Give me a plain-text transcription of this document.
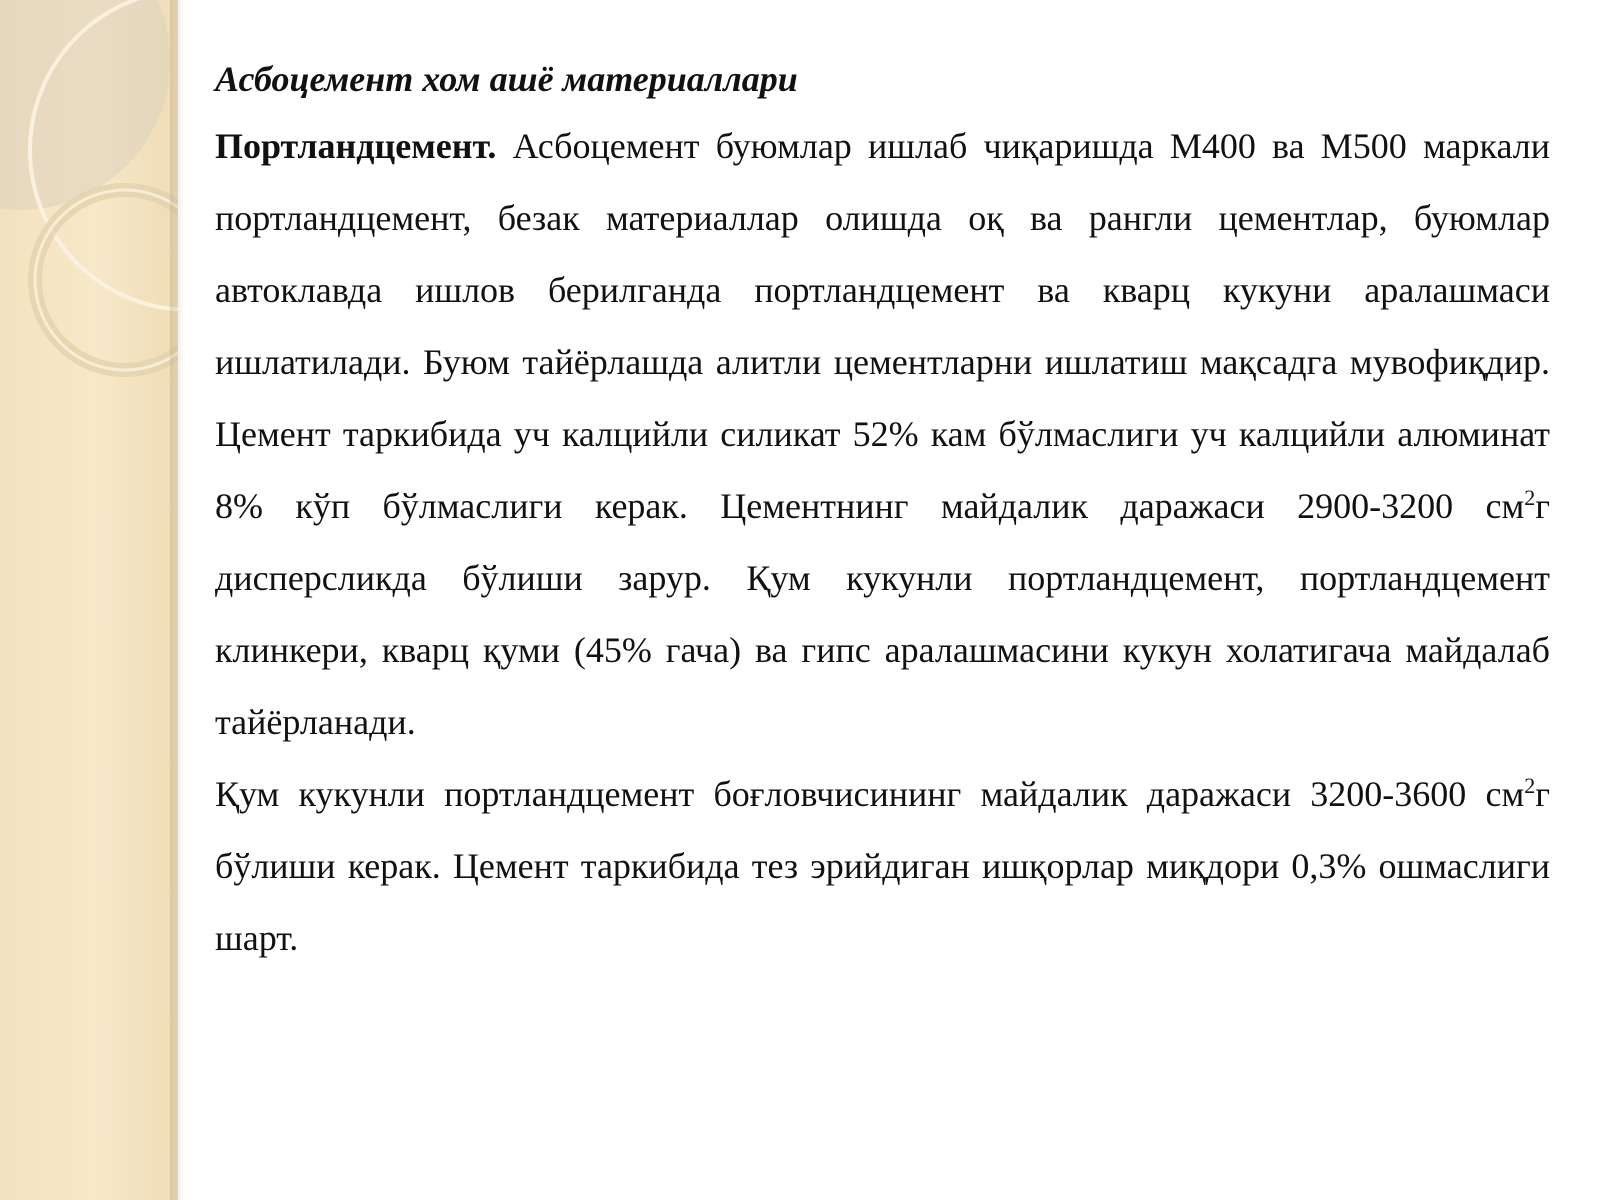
Асбоцемент хом ашё материаллари

Портландцемент. Асбоцемент буюмлар ишлаб чиқаришда М400 ва М500 маркали портландцемент, безак материаллар олишда оқ ва рангли цементлар, буюмлар автоклавда ишлов берилганда портландцемент ва кварц кукуни аралашмаси ишлатилади. Буюм тайёрлашда алитли цементларни ишлатиш мақсадга мувофиқдир. Цемент таркибида уч калцийли силикат 52% кам бўлмаслиги уч калцийли алюминат 8% кўп бўлмаслиги керак. Цементнинг майдалик даражаси 2900-3200 $см^2г$ дисперсликда бўлиши зарур. Қум кукунли портландцемент, портландцемент клинкери, кварц қуми (45% гача) ва гипс аралашмасини кукун холатигача майдалаб тайёрланади.

Қум кукунли портландцемент боғловчисининг майдалик даражаси 3200-3600 $см^2г$ бўлиши керак. Цемент таркибида тез эрийдиган ишқорлар миқдори 0,3% ошмаслиги шарт.
